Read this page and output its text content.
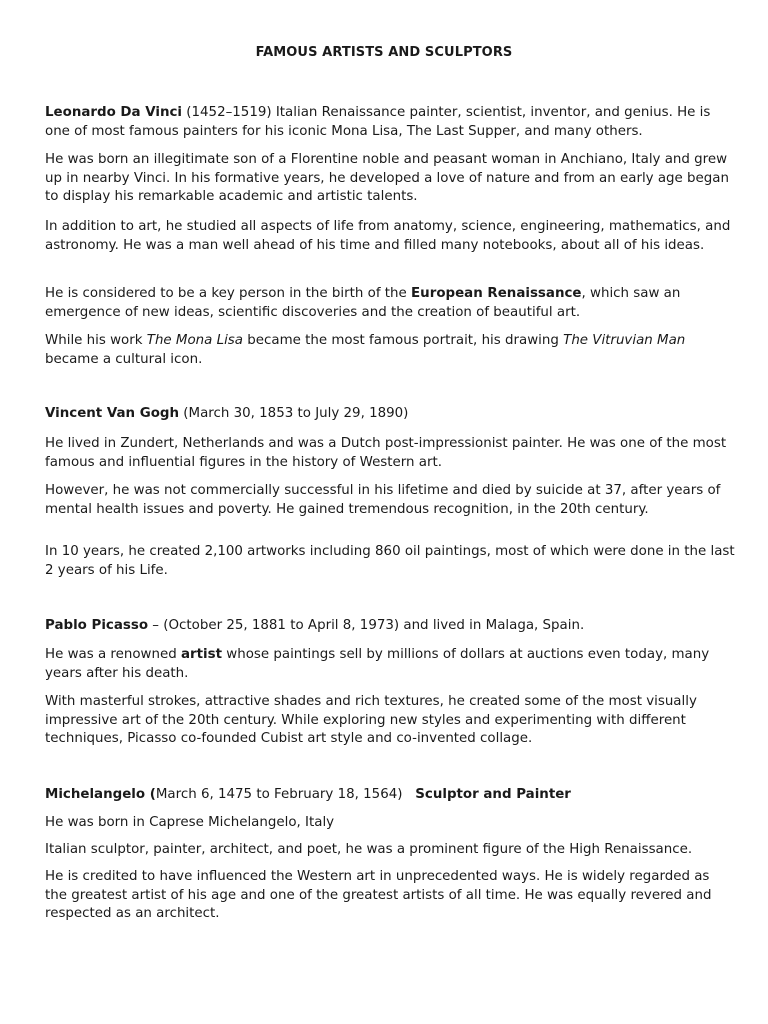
FAMOUS ARTISTS AND SCULPTORS

Leonardo Da Vinci (1452–1519) Italian Renaissance painter, scientist, inventor, and genius. He is one of most famous painters for his iconic Mona Lisa, The Last Supper, and many others.

He was born an illegitimate son of a Florentine noble and peasant woman in Anchiano, Italy and grew up in nearby Vinci. In his formative years, he developed a love of nature and from an early age began to display his remarkable academic and artistic talents.
In addition to art, he studied all aspects of life from anatomy, science, engineering, mathematics, and astronomy. He was a man well ahead of his time and filled many notebooks, about all of his ideas.

He is considered to be a key person in the birth of the European Renaissance, which saw an emergence of new ideas, scientific discoveries and the creation of beautiful art.

While his work The Mona Lisa became the most famous portrait, his drawing The Vitruvian Man became a cultural icon.

Vincent Van Gogh (March 30, 1853 to July 29, 1890)

He lived in Zundert, Netherlands and was a Dutch post-impressionist painter. He was one of the most famous and influential figures in the history of Western art.
However, he was not commercially successful in his lifetime and died by suicide at 37, after years of mental health issues and poverty. He gained tremendous recognition, in the 20th century.
In 10 years, he created 2,100 artworks including 860 oil paintings, most of which were done in the last 2 years of his Life.

Pablo Picasso – (October 25, 1881 to April 8, 1973) and lived in Malaga, Spain.

He was a renowned artist whose paintings sell by millions of dollars at auctions even today, many years after his death.

With masterful strokes, attractive shades and rich textures, he created some of the most visually impressive art of the 20th century. While exploring new styles and experimenting with different techniques, Picasso co-founded Cubist art style and co-invented collage.

Michelangelo (March 6, 1475 to February 18, 1564)   Sculptor and Painter

He was born in Caprese Michelangelo, Italy
Italian sculptor, painter, architect, and poet, he was a prominent figure of the High Renaissance.
He is credited to have influenced the Western art in unprecedented ways. He is widely regarded as the greatest artist of his age and one of the greatest artists of all time. He was equally revered and respected as an architect.
